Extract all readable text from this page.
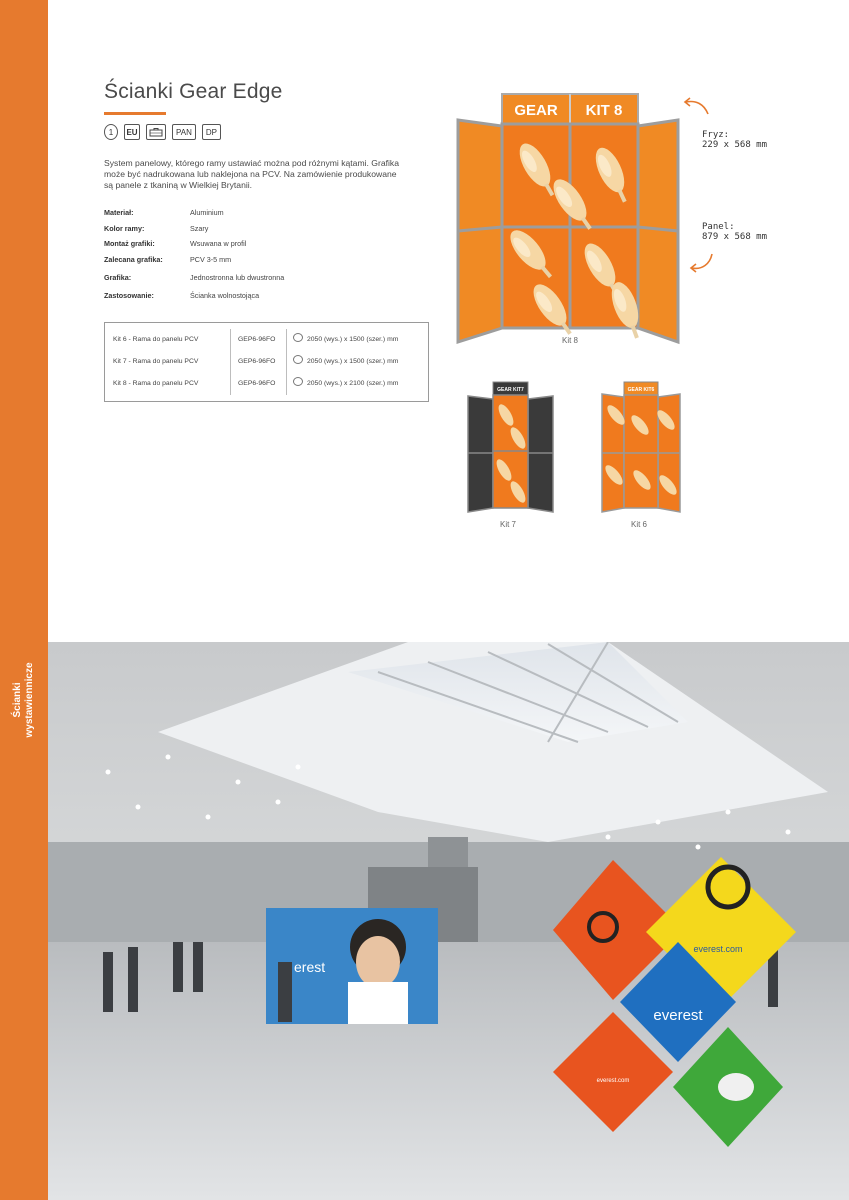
Ścianki wystawiennicze
Ścianki Gear Edge
1	EU	PAN	DP

System panelowy, którego ramy ustawiać można pod różnymi kątami. Grafika może być nadrukowana lub naklejona na PCV. Na zamówienie produkowane są panele z tkaniną w Wielkiej Brytanii.

Materiał:	Aluminium
Kolor ramy:	Szary
Montaż grafiki:	Wsuwana w profil
Zalecana grafika:	PCV 3-5 mm
Grafika:	Jednostronna lub dwustronna
Zastosowanie:	Ścianka wolnostojąca
Kit 6 - Rama do panelu PCV	GEP6-96FO	2050 (wys.) x 1500 (szer.) mm
Kit 7 - Rama do panelu PCV	GEP6-96FO	2050 (wys.) x 1500 (szer.) mm
Kit 8 - Rama do panelu PCV	GEP6-96FO	2050 (wys.) x 2100 (szer.) mm
GEAR KIT 8
Kit 8
Fryz:
229 x 568 mm
Panel:
879 x 568 mm
GEAR KIT7
Kit 7
GEAR KIT6
Kit 6
erest
everest
everest.com
everest.com
